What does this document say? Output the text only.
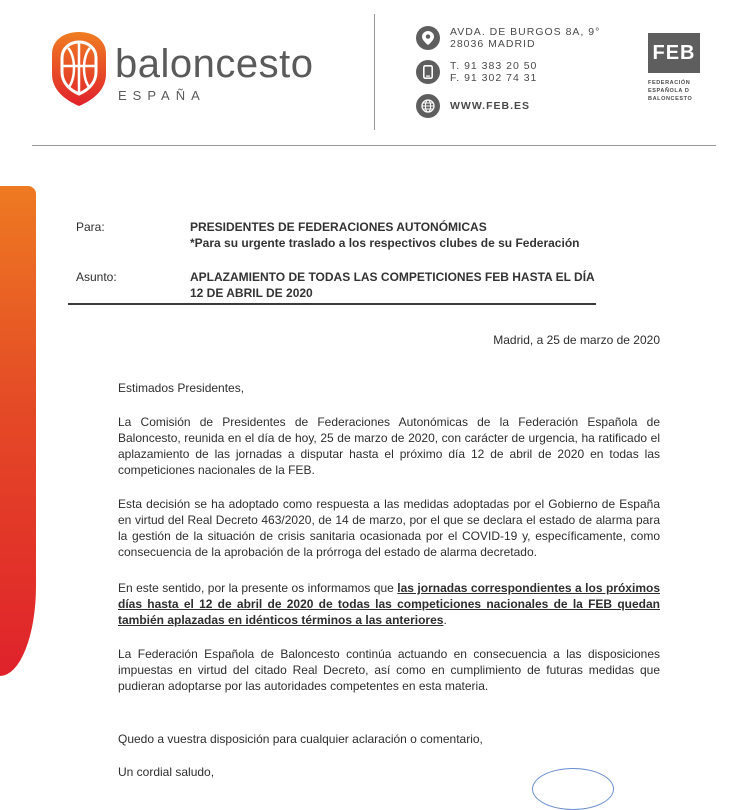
baloncesto
ESPAÑA
AVDA. DE BURGOS 8A, 9°
28036 MADRID
T. 91 383 20 50
F. 91 302 74 31
WWW.FEB.ES
FEB
FEDERACIÓN
ESPAÑOLA D
BALONCESTO
Para:	PRESIDENTES DE FEDERACIONES AUTONÓMICAS
*Para su urgente traslado a los respectivos clubes de su Federación
Asunto:	APLAZAMIENTO DE TODAS LAS COMPETICIONES FEB HASTA EL DÍA
12 DE ABRIL DE 2020
Madrid, a 25 de marzo de 2020
Estimados Presidentes,
La Comisión de Presidentes de Federaciones Autonómicas de la Federación Española de Baloncesto, reunida en el día de hoy, 25 de marzo de 2020, con carácter de urgencia, ha ratificado el aplazamiento de las jornadas a disputar hasta el próximo día 12 de abril de 2020 en todas las competiciones nacionales de la FEB.
Esta decisión se ha adoptado como respuesta a las medidas adoptadas por el Gobierno de España en virtud del Real Decreto 463/2020, de 14 de marzo, por el que se declara el estado de alarma para la gestión de la situación de crisis sanitaria ocasionada por el COVID-19 y, específicamente, como consecuencia de la aprobación de la prórroga del estado de alarma decretado.
En este sentido, por la presente os informamos que las jornadas correspondientes a los próximos días hasta el 12 de abril de 2020 de todas las competiciones nacionales de la FEB quedan también aplazadas en idénticos términos a las anteriores.
La Federación Española de Baloncesto continúa actuando en consecuencia a las disposiciones impuestas en virtud del citado Real Decreto, así como en cumplimiento de futuras medidas que pudieran adoptarse por las autoridades competentes en esta materia.
Quedo a vuestra disposición para cualquier aclaración o comentario,
Un cordial saludo,
